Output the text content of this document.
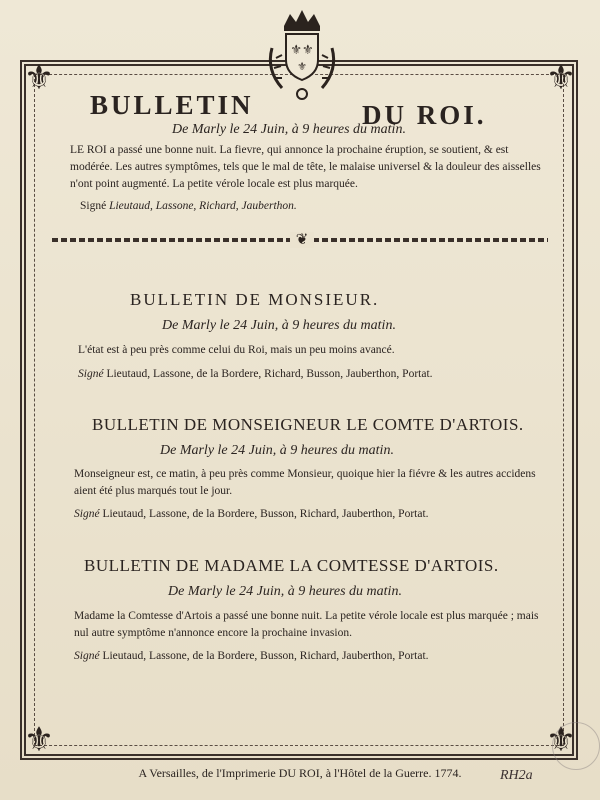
⚜	⚜
⚜	⚜
⚜⚜
⚜
BULLETIN	DU ROI.
De Marly le 24 Juin, à 9 heures du matin.
LE ROI a passé une bonne nuit. La fievre, qui annonce la prochaine éruption, se soutient, & est modérée. Les autres symptômes, tels que le mal de tête, le malaise universel & la douleur des aisselles n'ont point augmenté. La petite vérole locale est plus marquée.
Signé Lieutaud, Lassone, Richard, Jauberthon.
❦
BULLETIN DE MONSIEUR.
De Marly le 24 Juin, à 9 heures du matin.
L'état est à peu près comme celui du Roi, mais un peu moins avancé.
Signé Lieutaud, Lassone, de la Bordere, Richard, Busson, Jauberthon, Portat.
BULLETIN DE MONSEIGNEUR LE COMTE D'ARTOIS.
De Marly le 24 Juin, à 9 heures du matin.
Monseigneur est, ce matin, à peu près comme Monsieur, quoique hier la fiévre & les autres accidens aient été plus marqués tout le jour.
Signé Lieutaud, Lassone, de la Bordere, Busson, Richard, Jauberthon, Portat.
BULLETIN DE MADAME LA COMTESSE D'ARTOIS.
De Marly le 24 Juin, à 9 heures du matin.
Madame la Comtesse d'Artois a passé une bonne nuit. La petite vérole locale est plus marquée ; mais nul autre symptôme n'annonce encore la prochaine invasion.
Signé Lieutaud, Lassone, de la Bordere, Busson, Richard, Jauberthon, Portat.
A Versailles, de l'Imprimerie DU ROI, à l'Hôtel de la Guerre. 1774.	RH2a
